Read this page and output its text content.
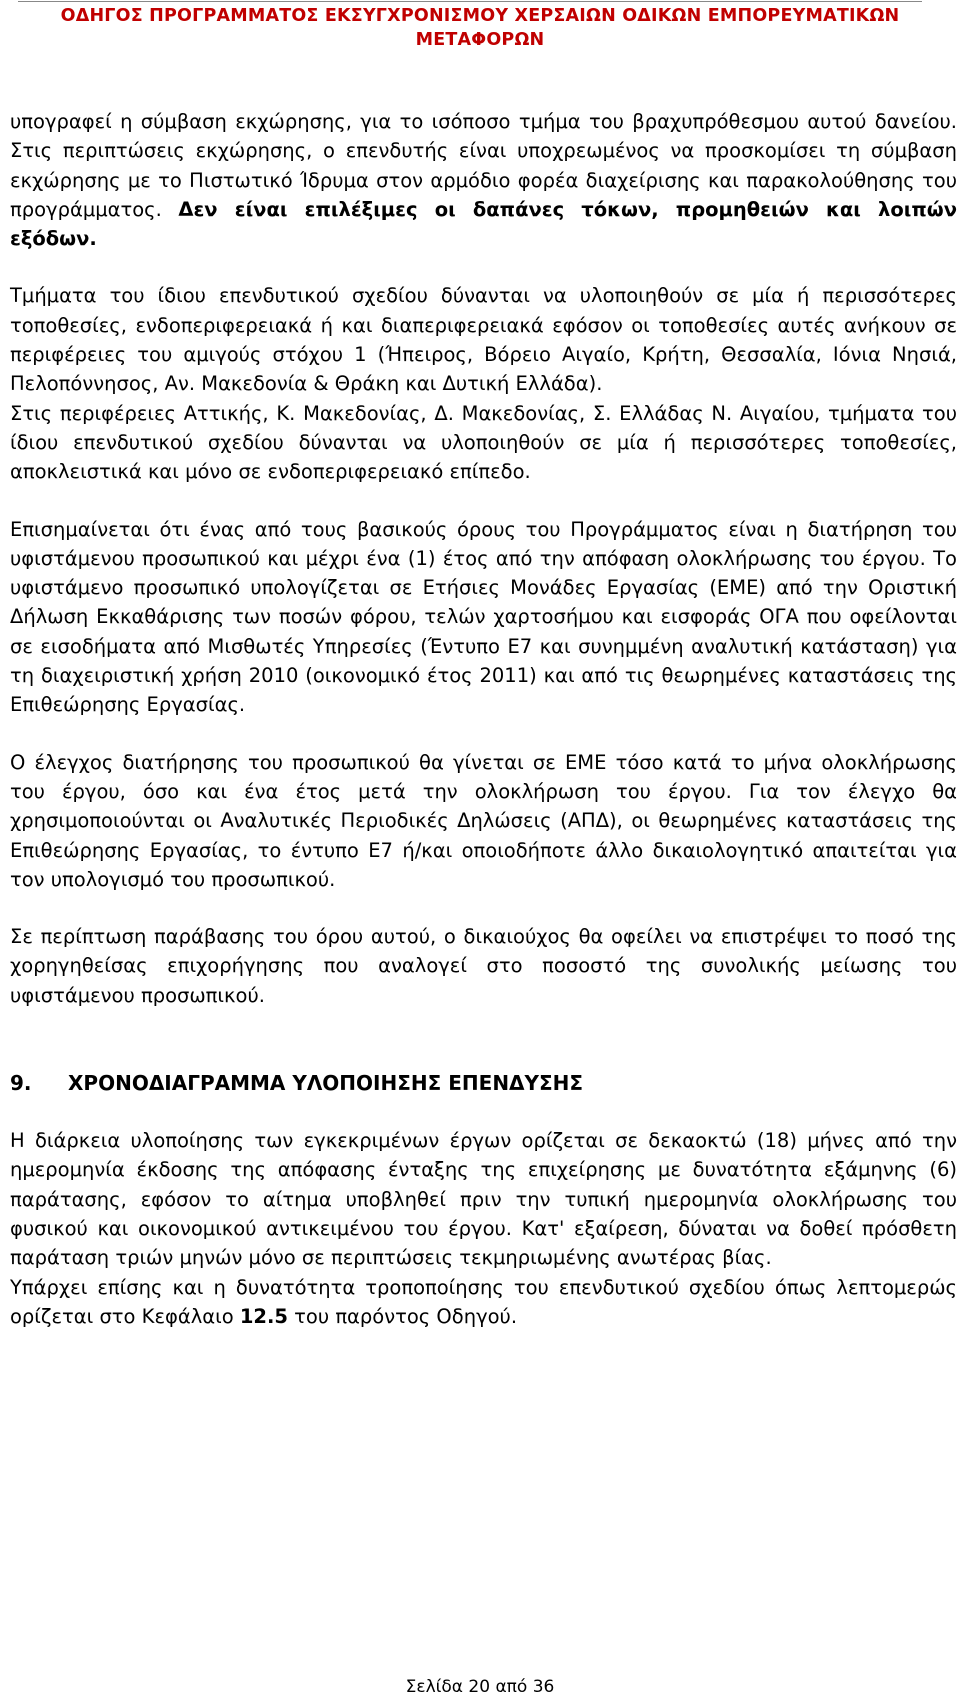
ΟΔΗΓΟΣ ΠΡΟΓΡΑΜΜΑΤΟΣ ΕΚΣΥΓΧΡΟΝΙΣΜΟΥ ΧΕΡΣΑΙΩΝ ΟΔΙΚΩΝ ΕΜΠΟΡΕΥΜΑΤΙΚΩΝ
ΜΕΤΑΦΟΡΩΝ

υπογραφεί η σύμβαση εκχώρησης, για το ισόποσο τμήμα του βραχυπρόθεσμου αυτού δανείου. Στις περιπτώσεις εκχώρησης, ο επενδυτής είναι υποχρεωμένος να προσκομίσει τη σύμβαση εκχώρησης με το Πιστωτικό Ίδρυμα στον αρμόδιο φορέα διαχείρισης και παρακολούθησης του προγράμματος. Δεν είναι επιλέξιμες οι δαπάνες τόκων, προμηθειών και λοιπών εξόδων.

Τμήματα του ίδιου επενδυτικού σχεδίου δύνανται να υλοποιηθούν σε μία ή περισσότερες τοποθεσίες, ενδοπεριφερειακά ή και διαπεριφερειακά εφόσον οι τοποθεσίες αυτές ανήκουν σε περιφέρειες του αμιγούς στόχου 1 (Ήπειρος, Βόρειο Αιγαίο, Κρήτη, Θεσσαλία, Ιόνια Νησιά, Πελοπόννησος, Αν. Μακεδονία & Θράκη και Δυτική Ελλάδα).

Στις περιφέρειες Αττικής, Κ. Μακεδονίας, Δ. Μακεδονίας, Σ. Ελλάδας Ν. Αιγαίου, τμήματα του ίδιου επενδυτικού σχεδίου δύνανται να υλοποιηθούν σε μία ή περισσότερες τοποθεσίες, αποκλειστικά και μόνο σε ενδοπεριφερειακό επίπεδο.

Επισημαίνεται ότι ένας από τους βασικούς όρους του Προγράμματος είναι η διατήρηση του υφιστάμενου προσωπικού και μέχρι ένα (1) έτος από την απόφαση ολοκλήρωσης του έργου. Το υφιστάμενο προσωπικό υπολογίζεται σε Ετήσιες Μονάδες Εργασίας (ΕΜΕ) από την Οριστική Δήλωση Εκκαθάρισης των ποσών φόρου, τελών χαρτοσήμου και εισφοράς ΟΓΑ που οφείλονται σε εισοδήματα από Μισθωτές Υπηρεσίες (Έντυπο Ε7 και συνημμένη αναλυτική κατάσταση) για τη διαχειριστική χρήση 2010 (οικονομικό έτος 2011) και από τις θεωρημένες καταστάσεις της Επιθεώρησης Εργασίας.

Ο έλεγχος διατήρησης του προσωπικού θα γίνεται σε ΕΜΕ τόσο κατά το μήνα ολοκλήρωσης του έργου, όσο και ένα έτος μετά την ολοκλήρωση του έργου. Για τον έλεγχο θα χρησιμοποιούνται οι Αναλυτικές Περιοδικές Δηλώσεις (ΑΠΔ), οι θεωρημένες καταστάσεις της Επιθεώρησης Εργασίας, το έντυπο Ε7 ή/και οποιοδήποτε άλλο δικαιολογητικό απαιτείται για τον υπολογισμό του προσωπικού.

Σε περίπτωση παράβασης του όρου αυτού, ο δικαιούχος θα οφείλει να επιστρέψει το ποσό της χορηγηθείσας επιχορήγησης που αναλογεί στο ποσοστό της συνολικής μείωσης του υφιστάμενου προσωπικού.

9.	ΧΡΟΝΟΔΙΑΓΡΑΜΜΑ ΥΛΟΠΟΙΗΣΗΣ ΕΠΕΝΔΥΣΗΣ

Η διάρκεια υλοποίησης των εγκεκριμένων έργων ορίζεται σε δεκαοκτώ (18) μήνες από την ημερομηνία έκδοσης της απόφασης ένταξης της επιχείρησης με δυνατότητα εξάμηνης (6) παράτασης, εφόσον το αίτημα υποβληθεί πριν την τυπική ημερομηνία ολοκλήρωσης του φυσικού και οικονομικού αντικειμένου του έργου. Κατ' εξαίρεση, δύναται να δοθεί πρόσθετη παράταση τριών μηνών μόνο σε περιπτώσεις τεκμηριωμένης ανωτέρας βίας.

Υπάρχει επίσης και η δυνατότητα τροποποίησης του επενδυτικού σχεδίου όπως λεπτομερώς ορίζεται στο Κεφάλαιο 12.5 του παρόντος Οδηγού.

Σελίδα 20 από 36
